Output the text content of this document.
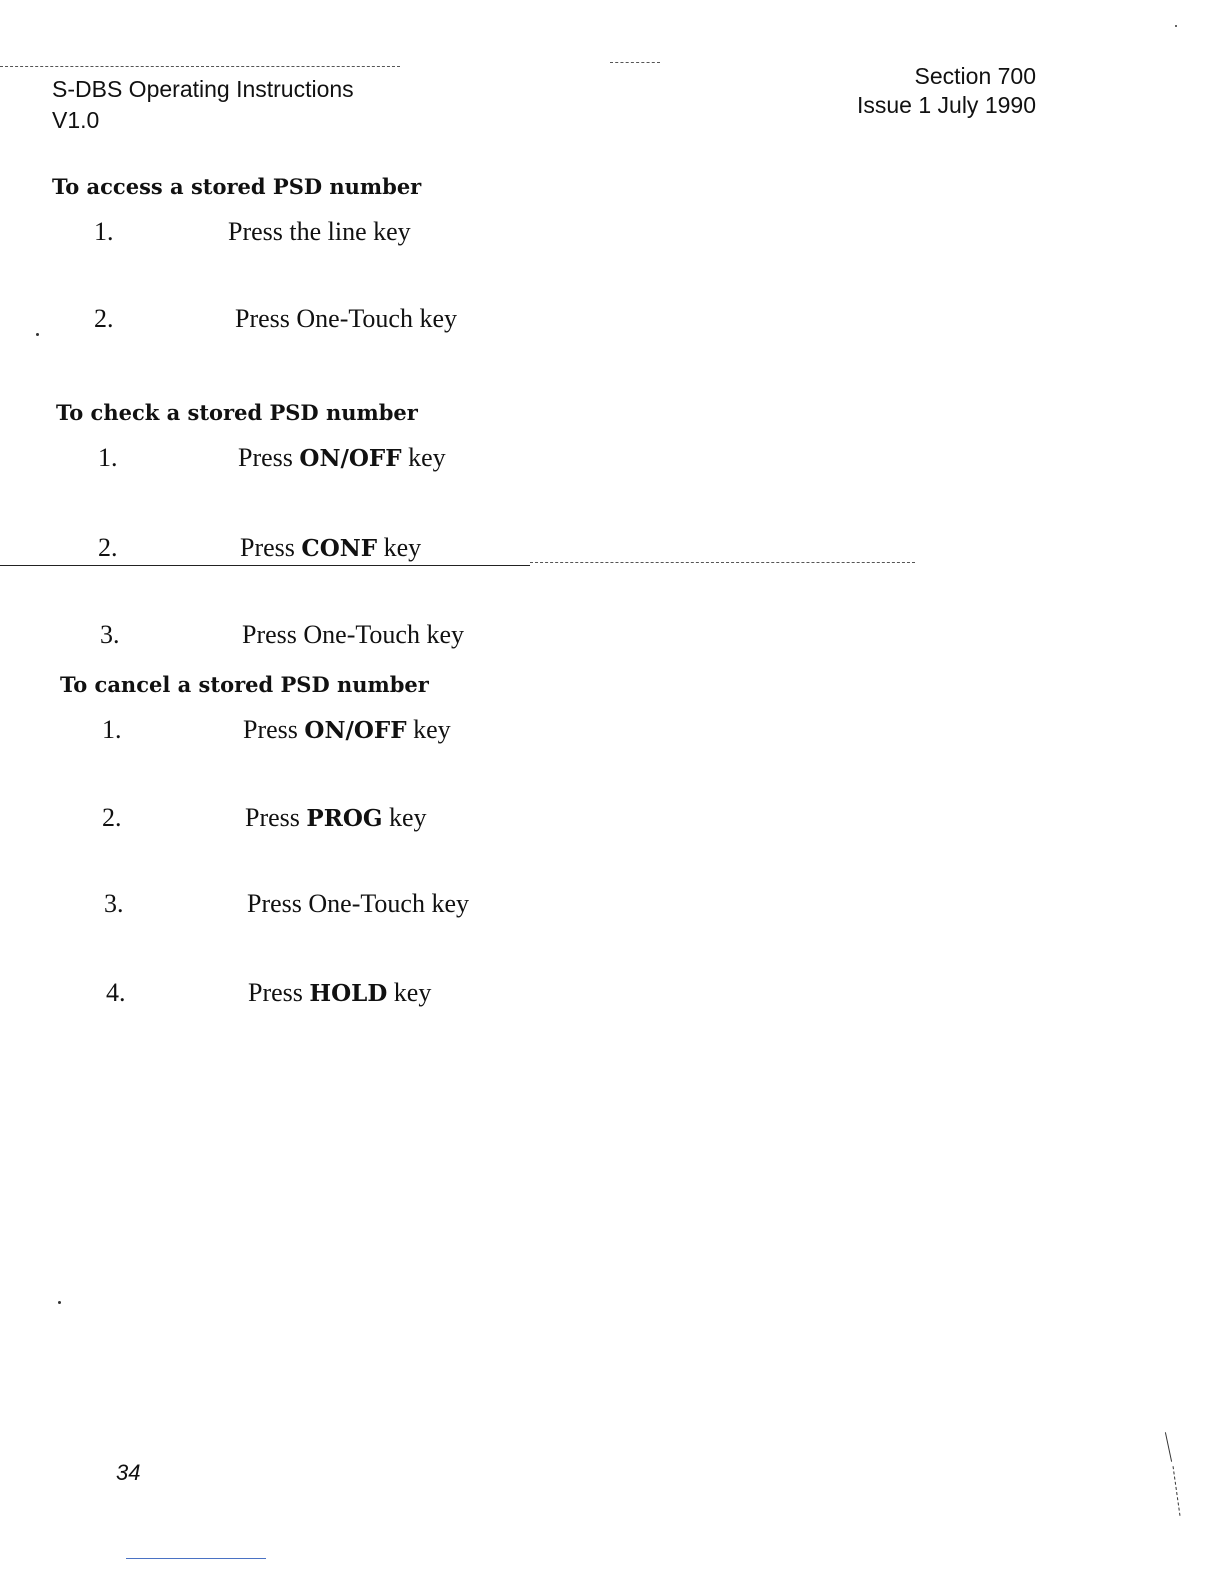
S-DBS Operating Instructions
V1.0
Section 700
Issue 1 July 1990
To access a stored PSD number
1.	Press the line key
2.	Press One-Touch key
To check a stored PSD number
1.	Press ON/OFF key
2.	Press CONF key
3.	Press One-Touch key
To cancel a stored PSD number
1.	Press ON/OFF key
2.	Press PROG key
3.	Press One-Touch key
4.	Press HOLD key
34
